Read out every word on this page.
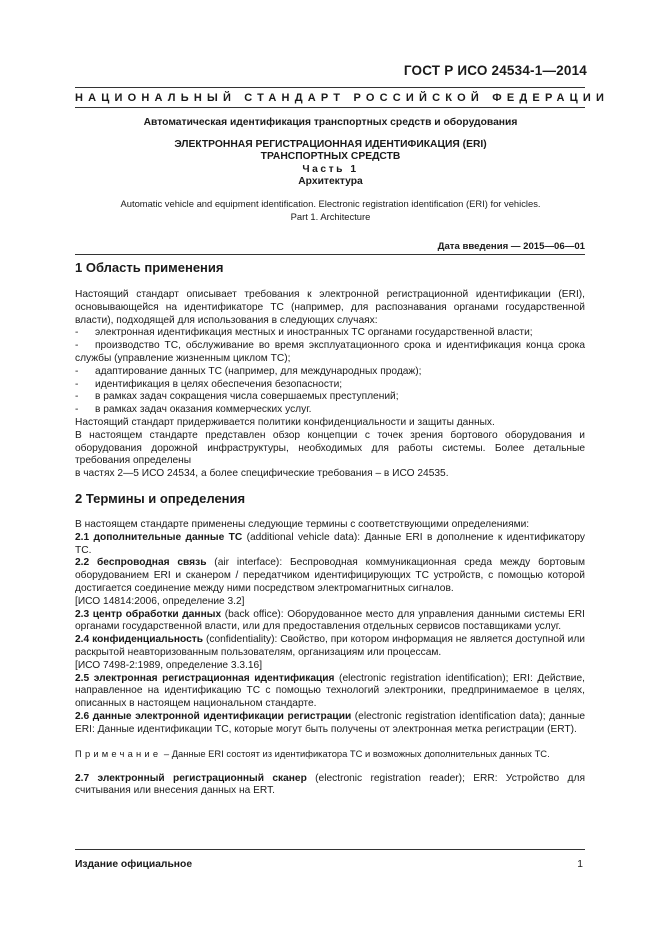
ГОСТ Р ИСО 24534-1—2014
НАЦИОНАЛЬНЫЙ СТАНДАРТ РОССИЙСКОЙ ФЕДЕРАЦИИ
Автоматическая идентификация транспортных средств и оборудования
ЭЛЕКТРОННАЯ РЕГИСТРАЦИОННАЯ ИДЕНТИФИКАЦИЯ (ERI)
ТРАНСПОРТНЫХ СРЕДСТВ
Часть 1
Архитектура
Automatic vehicle and equipment identification. Electronic registration identification (ERI) for vehicles.
Part 1. Architecture
Дата введения — 2015—06—01
1 Область применения

Настоящий стандарт описывает требования к электронной регистрационной идентификации (ERI), основывающейся на идентификаторе ТС (например, для распознавания органами государственной власти), подходящей для использования в следующих случаях:

-	электронная идентификация местных и иностранных ТС органами государственной власти;
- производство ТС, обслуживание во время эксплуатационного срока и идентификация конца срока службы (управление жизненным циклом ТС);
-	адаптирование данных ТС (например, для международных продаж);
-	идентификация в целях обеспечения безопасности;
-	в рамках задач сокращения числа совершаемых преступлений;
-	в рамках задач оказания коммерческих услуг.

Настоящий стандарт придерживается политики конфиденциальности и защиты данных.

В настоящем стандарте представлен обзор концепции с точек зрения бортового оборудования и оборудования дорожной инфраструктуры, необходимых для работы системы. Более детальные требования определены

в частях 2—5 ИСО 24534, а более специфические требования – в ИСО 24535.

2 Термины и определения

В настоящем стандарте применены следующие термины с соответствующими определениями:

2.1 дополнительные данные ТС (additional vehicle data): Данные ERI в дополнение к идентификатору ТС.

2.2 беспроводная связь (air interface): Беспроводная коммуникационная среда между бортовым оборудованием ERI и сканером / передатчиком идентифицирующих ТС устройств, с помощью которой достигается соединение между ними посредством электромагнитных сигналов.

[ИСО 14814:2006, определение 3.2]

2.3 центр обработки данных (back office): Оборудованное место для управления данными системы ERI органами государственной власти, или для предоставления отдельных сервисов поставщиками услуг.

2.4 конфиденциальность (confidentiality): Свойство, при котором информация не является доступной или раскрытой неавторизованным пользователям, организациям или процессам.

[ИСО 7498-2:1989, определение 3.3.16]

2.5 электронная регистрационная идентификация (electronic registration identification); ERI: Действие, направленное на идентификацию ТС с помощью технологий электроники, предпринимаемое в целях, описанных в настоящем национальном стандарте.

2.6 данные электронной идентификации регистрации (electronic registration identification data); данные ERI: Данные идентификации ТС, которые могут быть получены от электронная метка регистрации (ERT).

Примечание – Данные ERI состоят из идентификатора ТС и возможных дополнительных данных ТС.

2.7 электронный регистрационный сканер (electronic registration reader); ERR: Устройство для считывания или внесения данных на ERT.

Издание официальное	1
